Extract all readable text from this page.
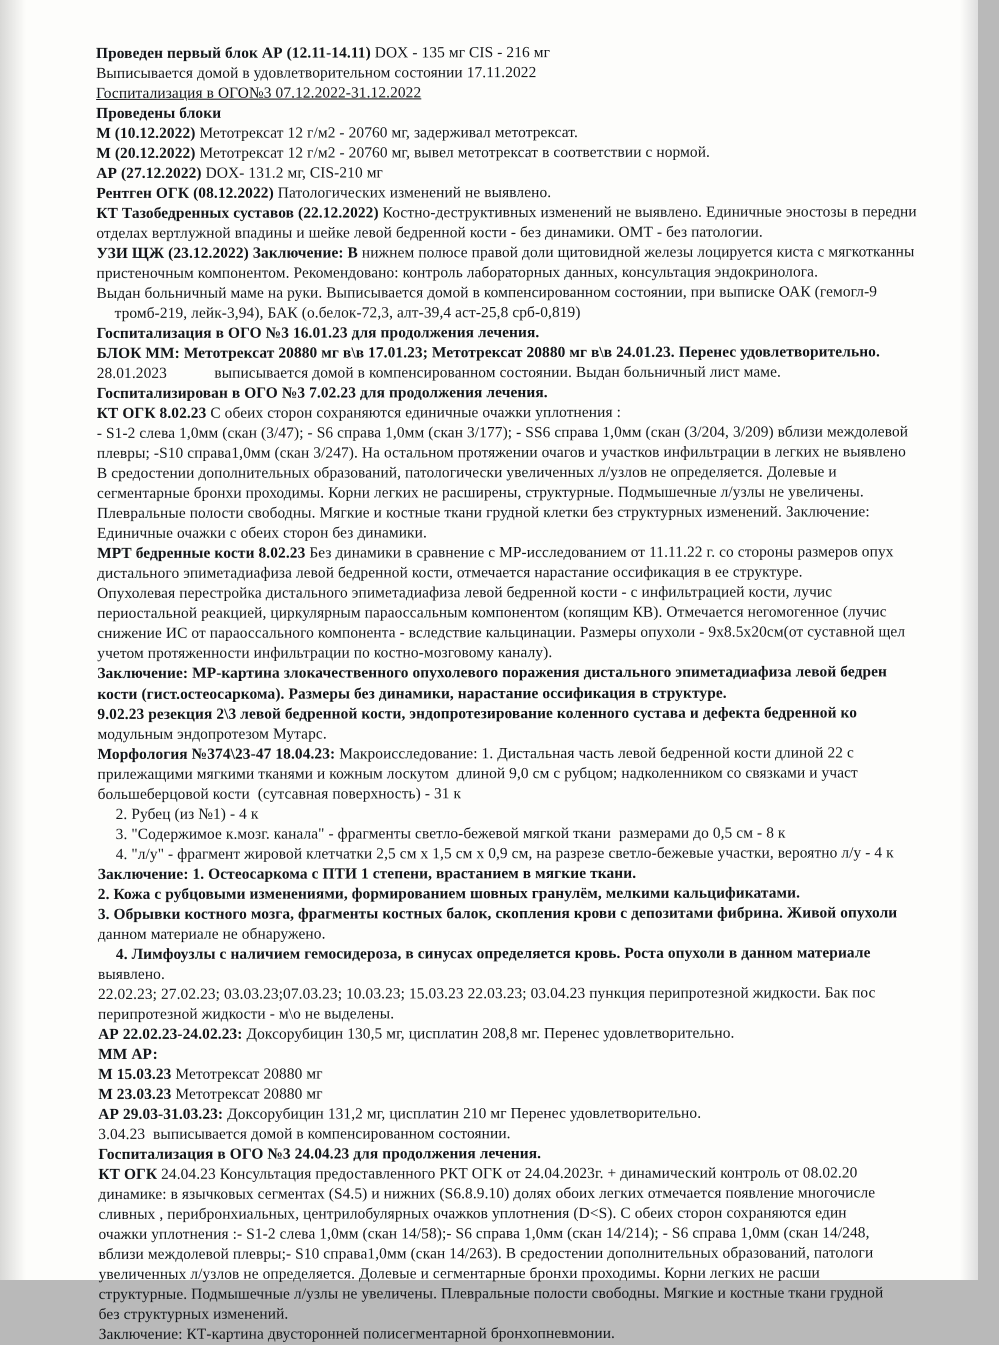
Проведен первый блок АР (12.11-14.11) DOX - 135 мг CIS - 216 мг

Выписывается домой в удовлетворительном состоянии 17.11.2022

Госпитализация в ОГО№3 07.12.2022-31.12.2022

Проведены блоки

М (10.12.2022) Метотрексат 12 г/м2 - 20760 мг, задерживал метотрексат.

М (20.12.2022) Метотрексат 12 г/м2 - 20760 мг, вывел метотрексат в соответствии с нормой.

АР (27.12.2022) DOX- 131.2 мг, CIS-210 мг

Рентген ОГК (08.12.2022) Патологических изменений не выявлено.

КТ Тазобедренных суставов (22.12.2022) Костно-деструктивных изменений не выявлено. Единичные эностозы в передни

отделах вертлужной впадины и шейке левой бедренной кости - без динамики. ОМТ - без патологии.

УЗИ ЩЖ (23.12.2022) Заключение: В нижнем полюсе правой доли щитовидной железы лоцируется киста с мягкотканны

пристеночным компонентом. Рекомендовано: контроль лабораторных данных, консультация эндокринолога.

Выдан больничный маме на руки. Выписывается домой в компенсированном состоянии, при выписке ОАК (гемогл-9

тромб-219, лейк-3,94), БАК (о.белок-72,3, алт-39,4 аст-25,8 срб-0,819)

Госпитализация в ОГО №3 16.01.23 для продолжения лечения.

БЛОК ММ: Метотрексат 20880 мг в\в 17.01.23; Метотрексат 20880 мг в\в 24.01.23. Перенес удовлетворительно.

28.01.2023            выписывается домой в компенсированном состоянии. Выдан больничный лист маме.

Госпитализирован в ОГО №3 7.02.23 для продолжения лечения.

КТ ОГК 8.02.23 С обеих сторон сохраняются единичные очажки уплотнения :

- S1-2 слева 1,0мм (скан (3/47); - S6 справа 1,0мм (скан 3/177); - SS6 справа 1,0мм (скан (3/204, 3/209) вблизи междолевой

плевры; -S10 справа1,0мм (скан 3/247). На остальном протяжении очагов и участков инфильтрации в легких не выявлено

В средостении дополнительных образований, патологически увеличенных л/узлов не определяется. Долевые и

сегментарные бронхи проходимы. Корни легких не расширены, структурные. Подмышечные л/узлы не увеличены.

Плевральные полости свободны. Мягкие и костные ткани грудной клетки без структурных изменений. Заключение:

Единичные очажки с обеих сторон без динамики.

МРТ бедренные кости 8.02.23 Без динамики в сравнение с МР-исследованием от 11.11.22 г. со стороны размеров опух

дистального эпиметадиафиза левой бедренной кости, отмечается нарастание оссификация в ее структуре.

Опухолевая перестройка дистального эпиметадиафиза левой бедренной кости - с инфильтрацией кости, лучис

периостальной реакцией, циркулярным параоссальным компонентом (копящим КВ). Отмечается негомогенное (лучис

снижение ИС от параоссального компонента - вследствие кальцинации. Размеры опухоли - 9х8.5х20см(от суставной щел

учетом протяженности инфильтрации по костно-мозговому каналу).

Заключение: МР-картина злокачественного опухолевого поражения дистального эпиметадиафиза левой бедрен

кости (гист.остеосаркома). Размеры без динамики, нарастание оссификация в структуре.

9.02.23 резекция 2\3 левой бедренной кости, эндопротезирование коленного сустава и дефекта бедренной ко

модульным эндопротезом Мутарс.

Морфология №374\23-47 18.04.23: Макроисследование: 1. Дистальная часть левой бедренной кости длиной 22 с

прилежащими мягкими тканями и кожным лоскутом  длиной 9,0 см с рубцом; надколенником со связками и участ

большеберцовой кости  (сутсавная поверхность) - 31 к

2. Рубец (из №1) - 4 к

3. "Содержимое к.мозг. канала" - фрагменты светло-бежевой мягкой ткани  размерами до 0,5 см - 8 к

4. "л/у" - фрагмент жировой клетчатки 2,5 см х 1,5 см х 0,9 см, на разрезе светло-бежевые участки, вероятно л/у - 4 к

Заключение: 1. Остеосаркома с ПТИ 1 степени, врастанием в мягкие ткани.

2. Кожа с рубцовыми изменениями, формированием шовных гранулём, мелкими кальцификатами.

3. Обрывки костного мозга, фрагменты костных балок, скопления крови с депозитами фибрина. Живой опухоли

данном материале не обнаружено.

4. Лимфоузлы с наличием гемосидероза, в синусах определяется кровь. Роста опухоли в данном материале

выявлено.

22.02.23; 27.02.23; 03.03.23;07.03.23; 10.03.23; 15.03.23 22.03.23; 03.04.23 пункция перипротезной жидкости. Бак пос

перипротезной жидкости - м\о не выделены.

АР 22.02.23-24.02.23: Доксорубицин 130,5 мг, цисплатин 208,8 мг. Перенес удовлетворительно.

ММ АР:

М 15.03.23 Метотрексат 20880 мг

М 23.03.23 Метотрексат 20880 мг

АР 29.03-31.03.23: Доксорубицин 131,2 мг, цисплатин 210 мг Перенес удовлетворительно.

3.04.23  выписывается домой в компенсированном состоянии.

Госпитализация в ОГО №3 24.04.23 для продолжения лечения.

КТ ОГК 24.04.23 Консультация предоставленного РКТ ОГК от 24.04.2023г. + динамический контроль от 08.02.20

динамике: в язычковых сегментах (S4.5) и нижних (S6.8.9.10) долях обоих легких отмечается появление многочисле

сливных , перибронхиальных, центрилобулярных очажков уплотнения (D<S). С обеих сторон сохраняются един

очажки уплотнения :- S1-2 слева 1,0мм (скан 14/58);- S6 справа 1,0мм (скан 14/214); - S6 справа 1,0мм (скан 14/248,

вблизи междолевой плевры;- S10 справа1,0мм (скан 14/263). В средостении дополнительных образований, патологи

увеличенных л/узлов не определяется. Долевые и сегментарные бронхи проходимы. Корни легких не расши

структурные. Подмышечные л/узлы не увеличены. Плевральные полости свободны. Мягкие и костные ткани грудной

без структурных изменений.

Заключение: КТ-картина двусторонней полисегментарной бронхопневмонии.
